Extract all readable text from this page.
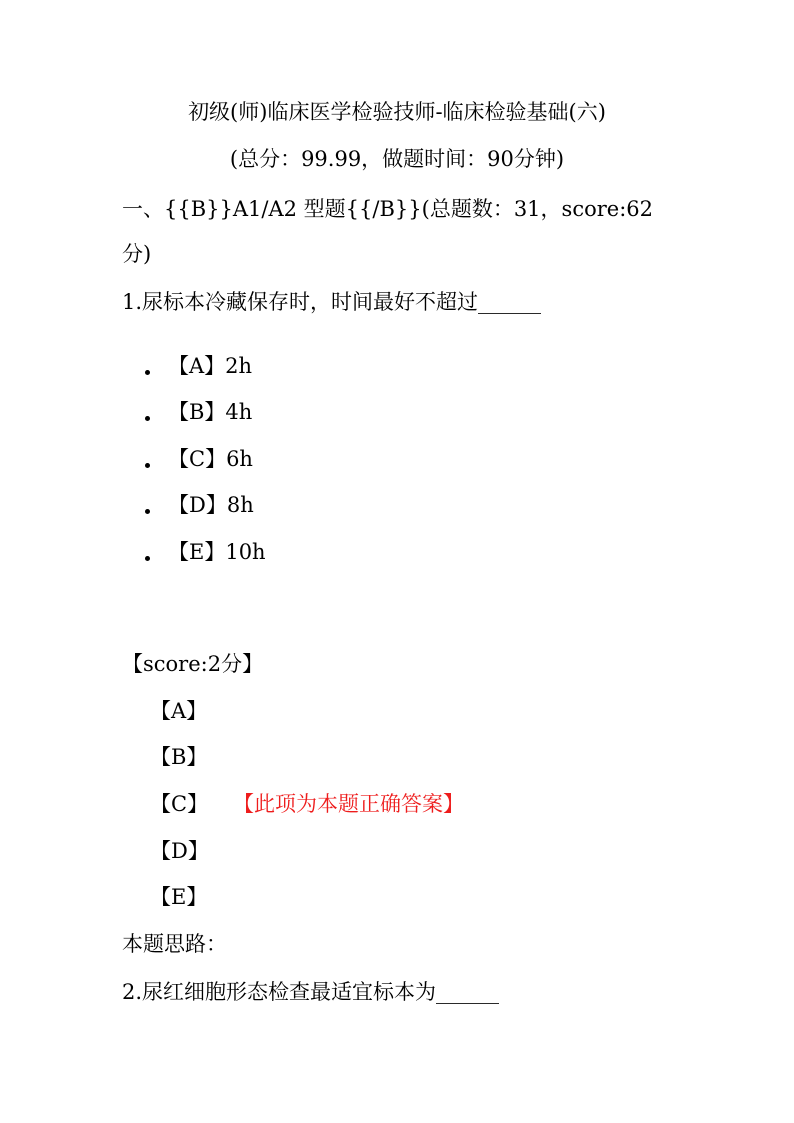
初级(师)临床医学检验技师-临床检验基础(六)
(总分：99.99，做题时间：90分钟)
一、{{B}}A1/A2 型题{{/B}}(总题数：31，score:62
分)
1.尿标本冷藏保存时，时间最好不超过______
【A】2h
【B】4h
【C】6h
【D】8h
【E】10h
【score:2分】
【A】
【B】
【C】 【此项为本题正确答案】
【D】
【E】
本题思路：
2.尿红细胞形态检查最适宜标本为______
